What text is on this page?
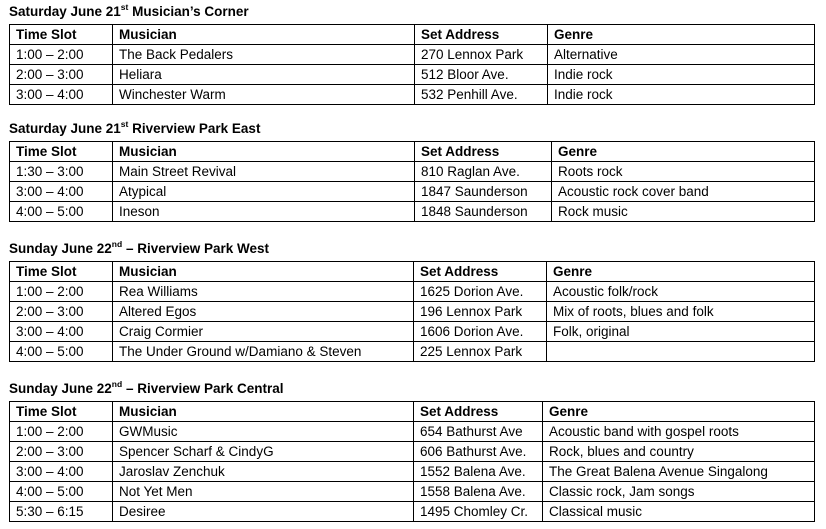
Saturday June 21st Musician’s Corner
Time Slot	Musician	Set Address	Genre
1:00 – 2:00	The Back Pedalers	270 Lennox Park	Alternative
2:00 – 3:00	Heliara	512 Bloor Ave.	Indie rock
3:00 – 4:00	Winchester Warm	532 Penhill Ave.	Indie rock
Saturday June 21st Riverview Park East
Time Slot	Musician	Set Address	Genre
1:30 – 3:00	Main Street Revival	810 Raglan Ave.	Roots rock
3:00 – 4:00	Atypical	1847 Saunderson	Acoustic rock cover band
4:00 – 5:00	Ineson	1848 Saunderson	Rock music
Sunday June 22nd – Riverview Park West
Time Slot	Musician	Set Address	Genre
1:00 – 2:00	Rea Williams	1625 Dorion Ave.	Acoustic folk/rock
2:00 – 3:00	Altered Egos	196 Lennox Park	Mix of roots, blues and folk
3:00 – 4:00	Craig Cormier	1606 Dorion Ave.	Folk, original
4:00 – 5:00	The Under Ground w/Damiano & Steven	225 Lennox Park	
Sunday June 22nd – Riverview Park Central
Time Slot	Musician	Set Address	Genre
1:00 – 2:00	GWMusic	654 Bathurst Ave	Acoustic band with gospel roots
2:00 – 3:00	Spencer Scharf & CindyG	606 Bathurst Ave.	Rock, blues and country
3:00 – 4:00	Jaroslav Zenchuk	1552 Balena Ave.	The Great Balena Avenue Singalong
4:00 – 5:00	Not Yet Men	1558 Balena Ave.	Classic rock, Jam songs
5:30 – 6:15	Desiree	1495 Chomley Cr.	Classical music
